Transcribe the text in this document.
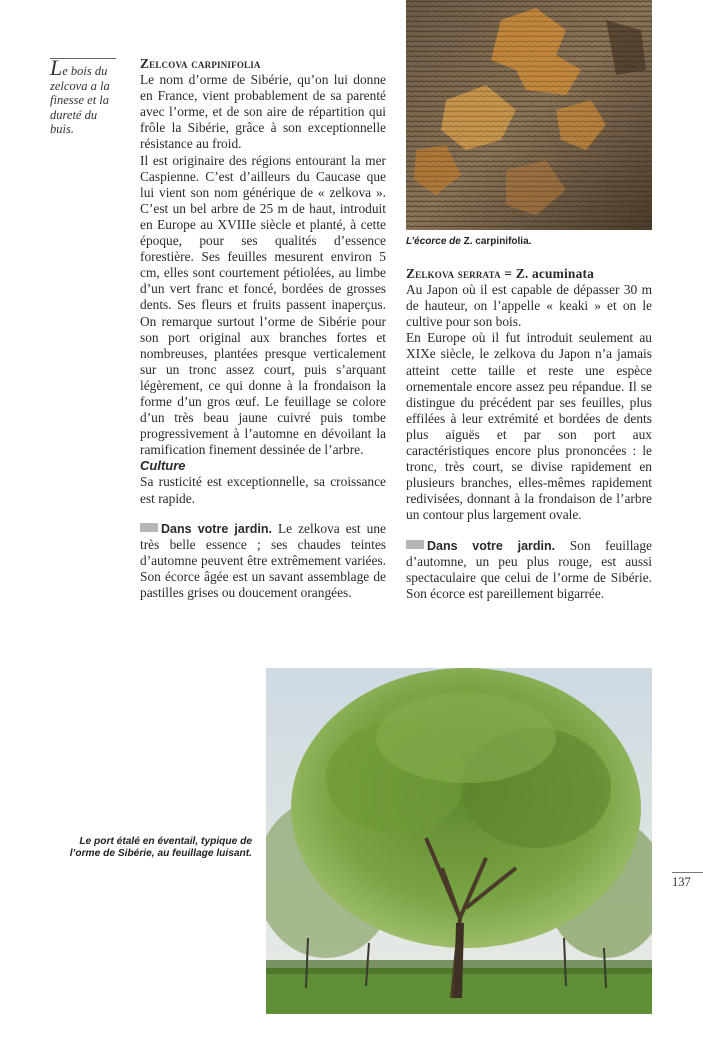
Le bois du zelcova a la finesse et la dureté du buis.

Zelcova carpinifolia

Le nom d’orme de Sibérie, qu’on lui donne en France, vient probablement de sa parenté avec l’orme, et de son aire de répartition qui frôle la Sibérie, grâce à son exceptionnelle résistance au froid.

Il est originaire des régions entourant la mer Caspienne. C’est d’ailleurs du Caucase que lui vient son nom générique de « zelkova ». C’est un bel arbre de 25 m de haut, introduit en Europe au XVIIIe siècle et planté, à cette époque, pour ses qualités d’essence forestière. Ses feuilles mesurent environ 5 cm, elles sont courtement pétiolées, au limbe d’un vert franc et foncé, bordées de grosses dents. Ses fleurs et fruits passent inaperçus. On remarque surtout l’orme de Sibérie pour son port original aux branches fortes et nombreuses, plantées presque verticalement sur un tronc assez court, puis s’arquant légèrement, ce qui donne à la frondaison la forme d’un gros œuf. Le feuillage se colore d’un très beau jaune cuivré puis tombe progressivement à l’automne en dévoilant la ramification finement dessinée de l’arbre.

Culture

Sa rusticité est exceptionnelle, sa croissance est rapide.

Dans votre jardin. Le zelkova est une très belle essence ; ses chaudes teintes d’automne peuvent être extrêmement variées. Son écorce âgée est un savant assemblage de pastilles grises ou doucement orangées.

L’écorce de Z. carpinifolia.

Zelkova serrata = Z. acuminata

Au Japon où il est capable de dépasser 30 m de hauteur, on l’appelle « keaki » et on le cultive pour son bois.

En Europe où il fut introduit seulement au XIXe siècle, le zelkova du Japon n’a jamais atteint cette taille et reste une espèce ornementale encore assez peu répandue. Il se distingue du précédent par ses feuilles, plus effilées à leur extrémité et bordées de dents plus aiguës et par son port aux caractéristiques encore plus prononcées : le tronc, très court, se divise rapidement en plusieurs branches, elles-mêmes rapidement redivisées, donnant à la frondaison de l’arbre un contour plus largement ovale.

Dans votre jardin. Son feuillage d’automne, un peu plus rouge, est aussi spectaculaire que celui de l’orme de Sibérie. Son écorce est pareillement bigarrée.

Le port étalé en éventail, typique de l’orme de Sibérie, au feuillage luisant.
137
